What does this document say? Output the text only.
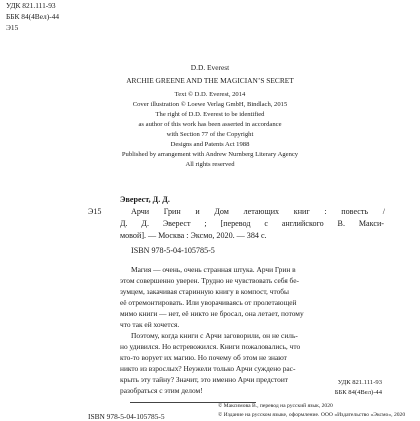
УДК 821.111-93
ББК 84(4Вел)-44
Э15
D.D. Everest
ARCHIE GREENE AND THE MAGICIAN’S SECRET
Text © D.D. Everest, 2014
Cover illustration © Loewe Verlag GmbH, Bindlach, 2015
The right of D.D. Everest to be identified
as author of this work has been asserted in accordance
with Section 77 of the Copyright
Designs and Patents Act 1988
Published by arrangement with Andrew Nurnberg Literary Agency
All rights reserved
Эверест, Д. Д.
Э15	Арчи Грин и Дом летающих книг : повесть /
Д. Д. Эверест ; [перевод с английского В. Макси-
мовой]. — Москва : Эксмо, 2020. — 384 с.
ISBN 978-5-04-105785-5
Магия — очень, очень странная штука. Арчи Грин в
этом совершенно уверен. Трудно не чувствовать себя бе-
зумцем, закачивая старинную книгу в компост, чтобы
её отремонтировать. Или уворачиваясь от пролетающей
мимо книги — нет, её никто не бросал, она летает, потому
что так ей хочется.
Поэтому, когда книги с Арчи заговорили, он не силь-
но удивился. Но встревожился. Книги пожаловались, что
кто-то ворует их магию. Но почему об этом не знают
никто из взрослых? Неужели только Арчи суждено рас-
крыть эту тайну? Значит, это именно Арчи предстоит
разобраться с этим делом!
УДК 821.111-93
ББК 84(4Вел)-44
© Максимова В., перевод на русский язык, 2020
© Издание на русском языке, оформление. ООО «Издательство «Эксмо», 2020
ISBN 978-5-04-105785-5
